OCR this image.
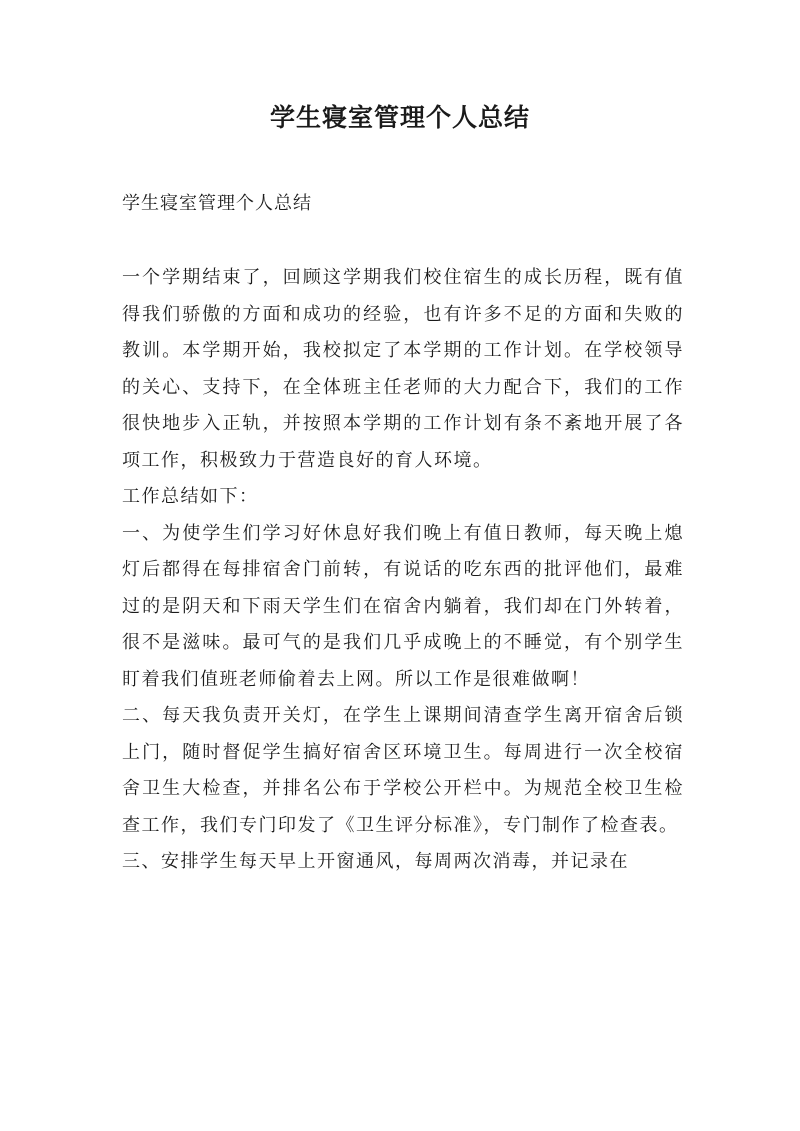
学生寝室管理个人总结
学生寝室管理个人总结

一个学期结束了，回顾这学期我们校住宿生的成长历程，既有值得我们骄傲的方面和成功的经验，也有许多不足的方面和失败的教训。本学期开始，我校拟定了本学期的工作计划。在学校领导的关心、支持下，在全体班主任老师的大力配合下，我们的工作很快地步入正轨，并按照本学期的工作计划有条不紊地开展了各项工作，积极致力于营造良好的育人环境。

工作总结如下：

一、为使学生们学习好休息好我们晚上有值日教师，每天晚上熄灯后都得在每排宿舍门前转，有说话的吃东西的批评他们，最难过的是阴天和下雨天学生们在宿舍内躺着，我们却在门外转着，很不是滋味。最可气的是我们几乎成晚上的不睡觉，有个别学生盯着我们值班老师偷着去上网。所以工作是很难做啊！

二、每天我负责开关灯，在学生上课期间清查学生离开宿舍后锁上门，随时督促学生搞好宿舍区环境卫生。每周进行一次全校宿舍卫生大检查，并排名公布于学校公开栏中。为规范全校卫生检查工作，我们专门印发了《卫生评分标准》，专门制作了检查表。

三、安排学生每天早上开窗通风，每周两次消毒，并记录在
